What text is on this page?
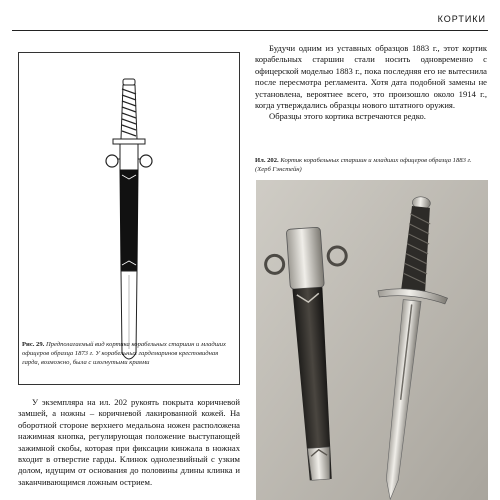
КОРТИКИ
Рис. 29. Предполагаемый вид кортика корабельных старшин и младших офицеров образца 1873 г. У корабельных гардемаринов крестовидная гарда, возможно, была с изогнутыми краями

Будучи одним из уставных образцов 1883 г., этот кортик корабельных старшин стали носить одновременно с офицерской моделью 1883 г., пока последняя его не вытеснила после пересмотра регламента. Хотя дата подобной замены не установлена, вероятнее всего, это произошло около 1914 г., когда утверждались образцы нового штатного оружия.

Образцы этого кортика встречаются редко.

Ил. 202. Кортик корабельных старшин и младших офицеров образца 1883 г. (Херб Гэнстейн)

У экземпляра на ил. 202 рукоять покрыта коричневой замшей, а ножны – коричневой лакированной кожей. На оборотной стороне верхнего медальона ножен расположена нажимная кнопка, регулирующая положение выступающей зажимной скобы, которая при фиксации кинжала в ножнах входит в отверстие гарды. Клинок однолезвийный с узким долом, идущим от основания до половины длины клинка и заканчивающимся ложным острием.
